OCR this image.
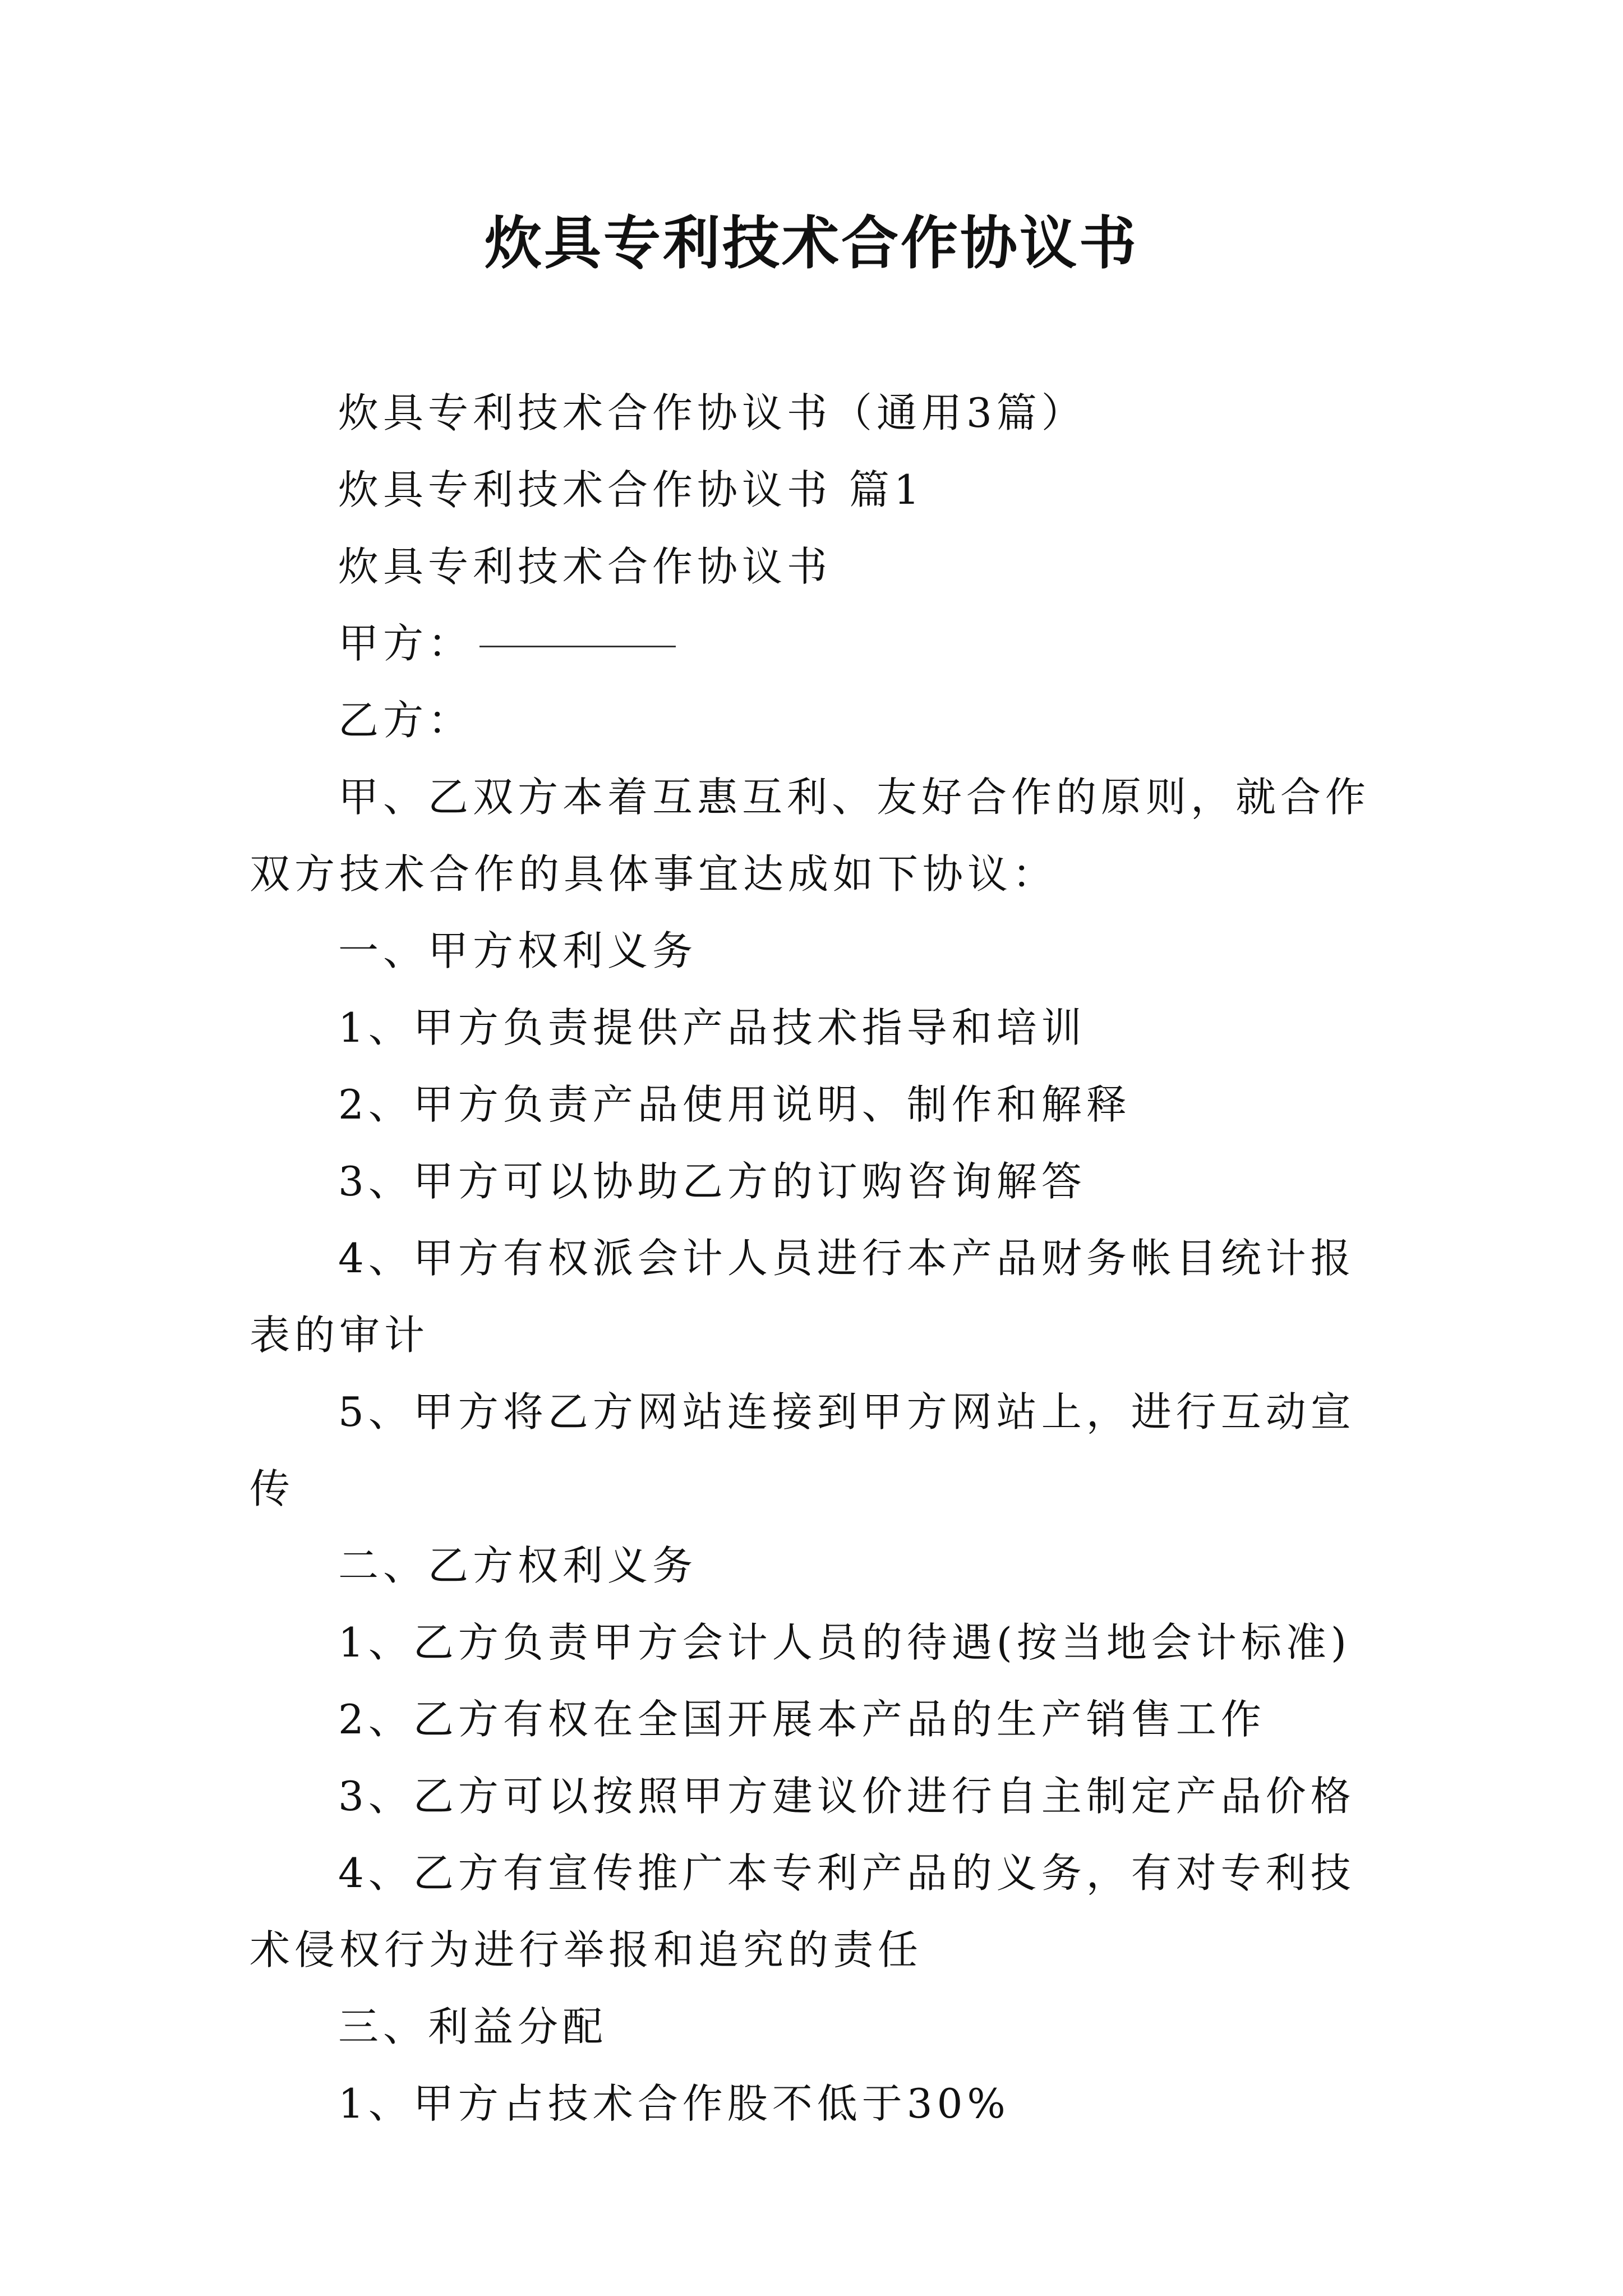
炊具专利技术合作协议书

炊具专利技术合作协议书（通用3篇）

炊具专利技术合作协议书 篇1

炊具专利技术合作协议书

甲方：

乙方：

甲、乙双方本着互惠互利、友好合作的原则，就合作双方技术合作的具体事宜达成如下协议：

一、甲方权利义务

1、甲方负责提供产品技术指导和培训

2、甲方负责产品使用说明、制作和解释

3、甲方可以协助乙方的订购咨询解答

4、甲方有权派会计人员进行本产品财务帐目统计报表的审计

5、甲方将乙方网站连接到甲方网站上，进行互动宣传

二、乙方权利义务

1、乙方负责甲方会计人员的待遇(按当地会计标准)

2、乙方有权在全国开展本产品的生产销售工作

3、乙方可以按照甲方建议价进行自主制定产品价格

4、乙方有宣传推广本专利产品的义务，有对专利技术侵权行为进行举报和追究的责任

三、利益分配

1、甲方占技术合作股不低于30%
